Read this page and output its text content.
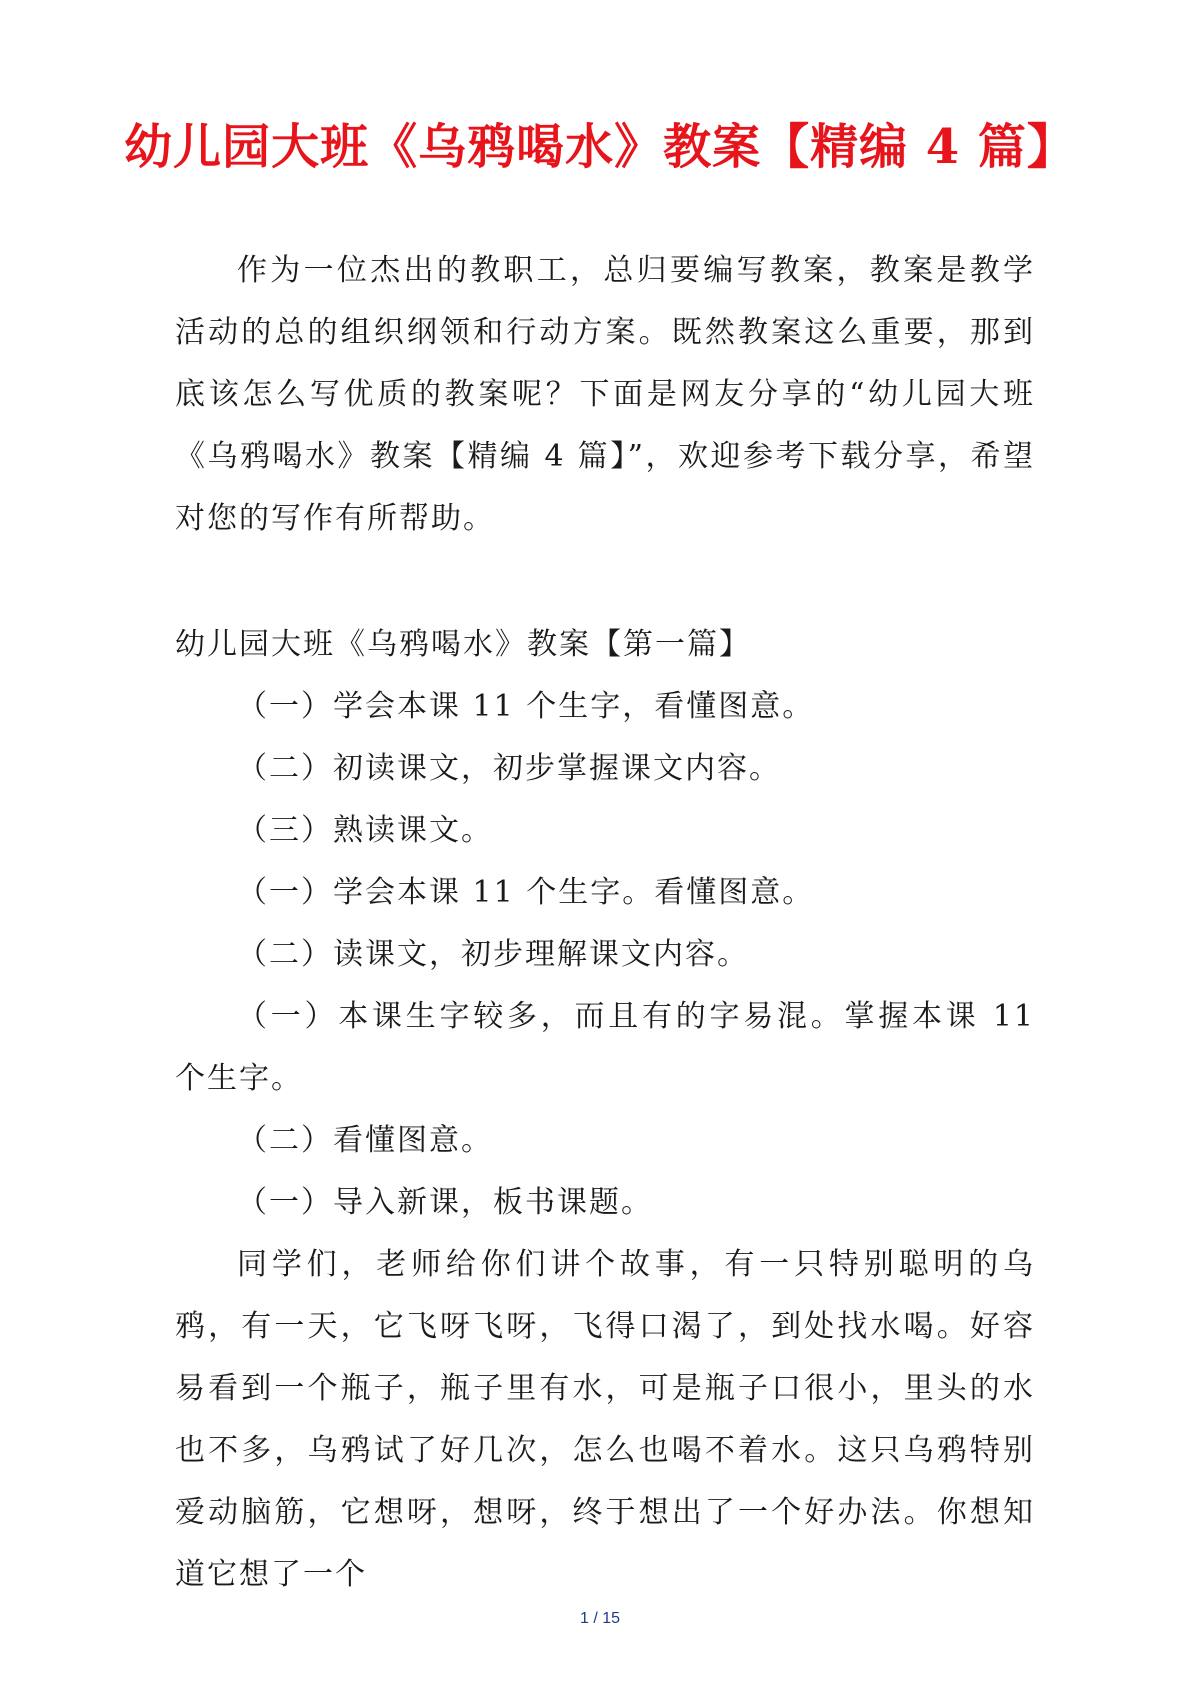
幼儿园大班《乌鸦喝水》教案【精编 4 篇】

作为一位杰出的教职工，总归要编写教案，教案是教学活动的总的组织纲领和行动方案。既然教案这么重要，那到底该怎么写优质的教案呢？下面是网友分享的“幼儿园大班《乌鸦喝水》教案【精编 4 篇】”，欢迎参考下载分享，希望对您的写作有所帮助。

幼儿园大班《乌鸦喝水》教案【第一篇】

（一）学会本课 11 个生字，看懂图意。

（二）初读课文，初步掌握课文内容。

（三）熟读课文。

（一）学会本课 11 个生字。看懂图意。

（二）读课文，初步理解课文内容。

（一）本课生字较多，而且有的字易混。掌握本课 11 个生字。

（二）看懂图意。

（一）导入新课，板书课题。

同学们，老师给你们讲个故事，有一只特别聪明的乌鸦，有一天，它飞呀飞呀，飞得口渴了，到处找水喝。好容易看到一个瓶子，瓶子里有水，可是瓶子口很小，里头的水也不多，乌鸦试了好几次，怎么也喝不着水。这只乌鸦特别爱动脑筋，它想呀，想呀，终于想出了一个好办法。你想知道它想了一个

1 / 15
